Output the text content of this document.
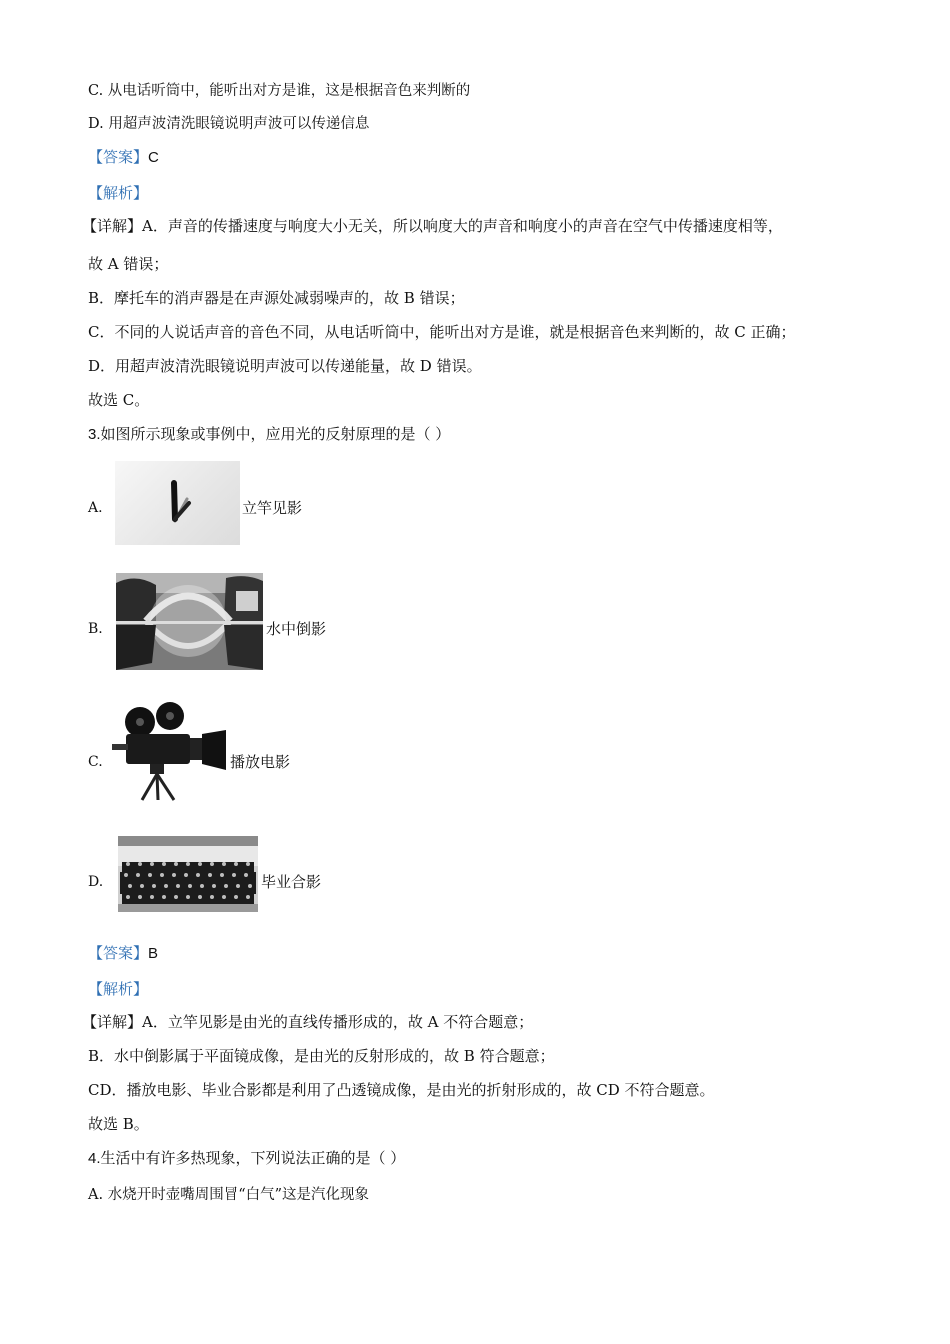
C. 从电话听筒中，能听出对方是谁，这是根据音色来判断的
D. 用超声波清洗眼镜说明声波可以传递信息
【答案】C
【解析】
【详解】A．声音的传播速度与响度大小无关，所以响度大的声音和响度小的声音在空气中传播速度相等，
故 A 错误；
B．摩托车的消声器是在声源处减弱噪声的，故 B 错误；
C．不同的人说话声音的音色不同，从电话听筒中，能听出对方是谁，就是根据音色来判断的，故 C 正确；
D．用超声波清洗眼镜说明声波可以传递能量，故 D 错误。
故选 C。
3.如图所示现象或事例中，应用光的反射原理的是（ ）
A.	立竿见影
B.	水中倒影
C.	播放电影
D.	毕业合影
【答案】B
【解析】
【详解】A．立竿见影是由光的直线传播形成的，故 A 不符合题意；
B．水中倒影属于平面镜成像，是由光的反射形成的，故 B 符合题意；
CD．播放电影、毕业合影都是利用了凸透镜成像，是由光的折射形成的，故 CD 不符合题意。
故选 B。
4.生活中有许多热现象，下列说法正确的是（ ）
A. 水烧开时壶嘴周围冒“白气”这是汽化现象
